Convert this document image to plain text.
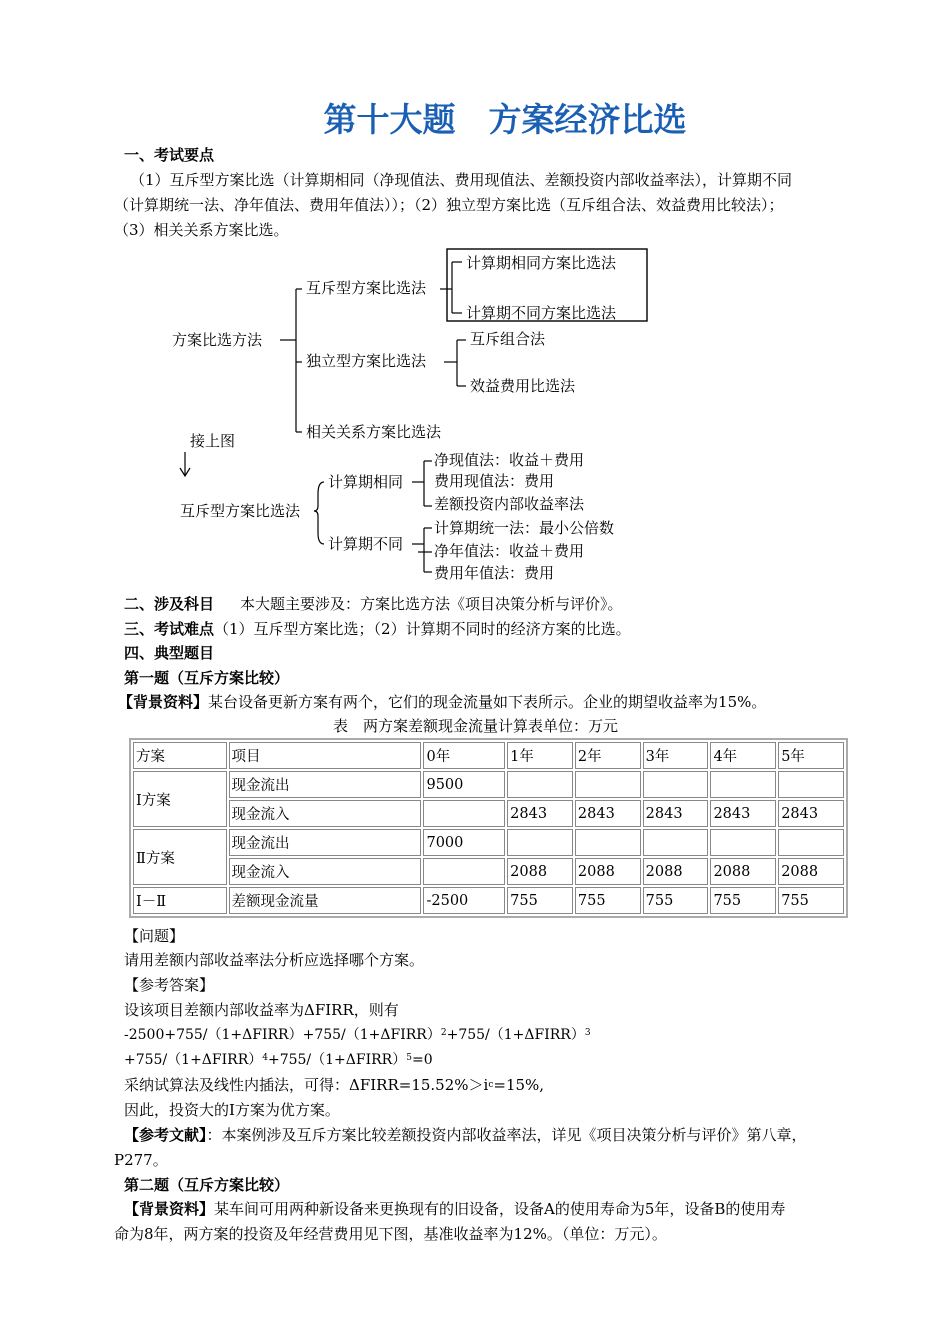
第十大题　方案经济比选
一、考试要点
（1）互斥型方案比选（计算期相同（净现值法、费用现值法、差额投资内部收益率法），计算期不同
（计算期统一法、净年值法、费用年值法））；（2）独立型方案比选（互斥组合法、效益费用比较法）；
（3）相关关系方案比选。
方案比选方法
互斥型方案比选法
计算期相同方案比选法
计算期不同方案比选法
独立型方案比选法
互斥组合法
效益费用比选法
相关关系方案比选法
接上图
互斥型方案比选法
计算期相同
计算期不同
净现值法：收益＋费用
费用现值法：费用
差额投资内部收益率法
计算期统一法：最小公倍数
净年值法：收益＋费用
费用年值法：费用
二、涉及科目 本大题主要涉及：方案比选方法《项目决策分析与评价》。
三、考试难点（1）互斥型方案比选；（2）计算期不同时的经济方案的比选。
四、典型题目
第一题（互斥方案比较）
【背景资料】某台设备更新方案有两个，它们的现金流量如下表所示。企业的期望收益率为15%。
表　两方案差额现金流量计算表单位：万元
方案	项目	0年	1年	2年	3年	4年	5年
Ⅰ方案	现金流出	9500					
	现金流入		2843	2843	2843	2843	2843
Ⅱ方案	现金流出	7000					
	现金流入		2088	2088	2088	2088	2088
Ⅰ－Ⅱ	差额现金流量	-2500	755	755	755	755	755
【问题】
请用差额内部收益率法分析应选择哪个方案。
【参考答案】
设该项目差额内部收益率为ΔFIRR，则有
-2500+755/（1+ΔFIRR）+755/（1+ΔFIRR）$^2$+755/（1+ΔFIRR）$^3$
+755/（1+ΔFIRR）$^4$+755/（1+ΔFIRR）$^5$=0
采纳试算法及线性内插法，可得：ΔFIRR=15.52%＞ic=15%,
因此，投资大的Ⅰ方案为优方案。
【参考文献】：本案例涉及互斥方案比较差额投资内部收益率法，详见《项目决策分析与评价》第八章，
P277。
第二题（互斥方案比较）
【背景资料】某车间可用两种新设备来更换现有的旧设备，设备A的使用寿命为5年，设备B的使用寿
命为8年，两方案的投资及年经营费用见下图，基准收益率为12%。（单位：万元）。
